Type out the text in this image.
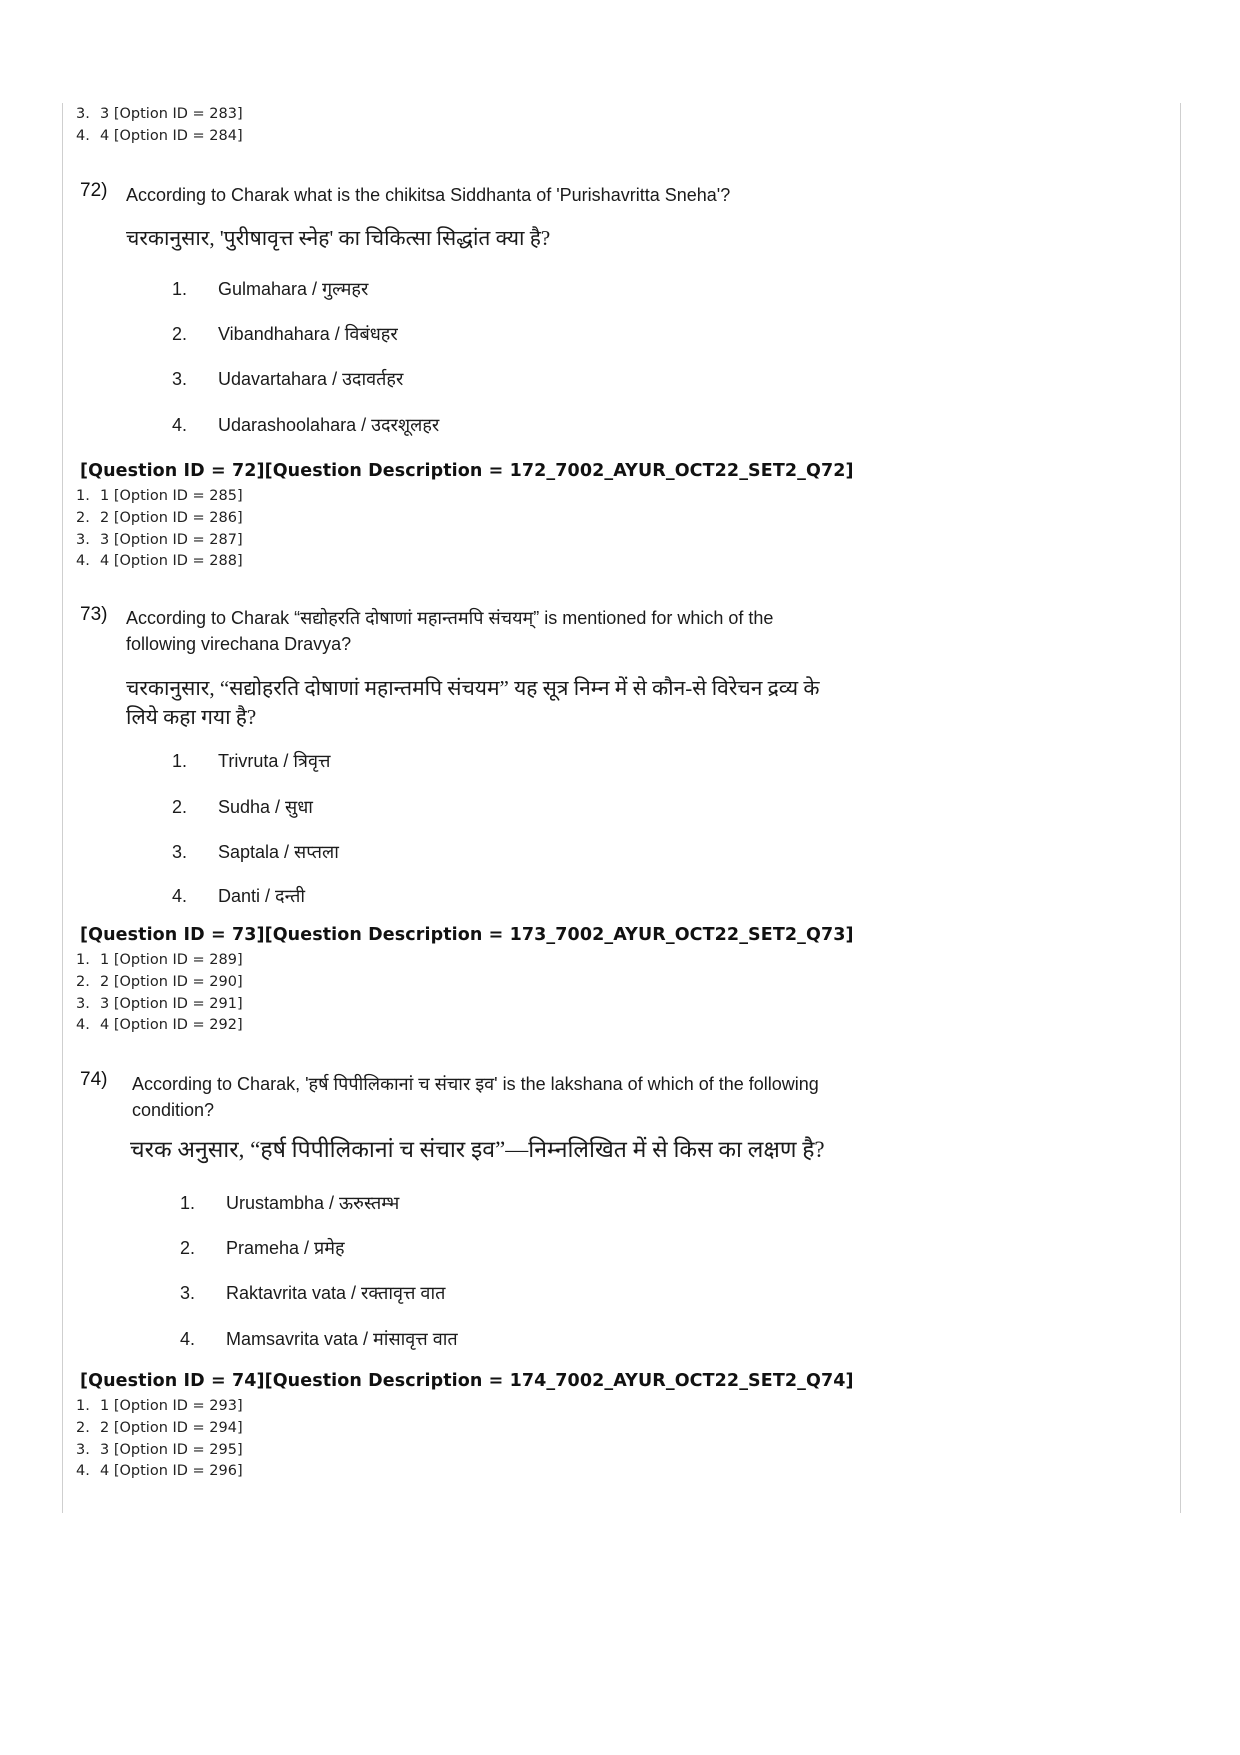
3. 3 [Option ID = 283]
4. 4 [Option ID = 284]
72) According to Charak what is the chikitsa Siddhanta of 'Purishavritta Sneha'?
चरकानुसार, 'पुरीषावृत्त स्नेह' का चिकित्सा सिद्धांत क्या है?
1. Gulmahara / गुल्महर
2. Vibandhahara / विबंधहर
3. Udavartahara / उदावर्तहर
4. Udarashoolahara / उदरशूलहर
[Question ID = 72][Question Description = 172_7002_AYUR_OCT22_SET2_Q72]
1. 1 [Option ID = 285]
2. 2 [Option ID = 286]
3. 3 [Option ID = 287]
4. 4 [Option ID = 288]
73) According to Charak “सद्योहरति दोषाणां महान्तमपि संचयम्” is mentioned for which of the following virechana Dravya?
चरकानुसार, “सद्योहरति दोषाणां महान्तमपि संचयम” यह सूत्र निम्न में से कौन-से विरेचन द्रव्य के लिये कहा गया है?
1. Trivruta / त्रिवृत्त
2. Sudha / सुधा
3. Saptala / सप्तला
4. Danti / दन्ती
[Question ID = 73][Question Description = 173_7002_AYUR_OCT22_SET2_Q73]
1. 1 [Option ID = 289]
2. 2 [Option ID = 290]
3. 3 [Option ID = 291]
4. 4 [Option ID = 292]
74) According to Charak, 'हर्ष पिपीलिकानां च संचार इव' is the lakshana of which of the following condition?
चरक अनुसार, “हर्ष पिपीलिकानां च संचार इव”—निम्नलिखित में से किस का लक्षण है?
1. Urustambha / ऊरुस्तम्भ
2. Prameha / प्रमेह
3. Raktavrita vata / रक्तावृत्त वात
4. Mamsavrita vata / मांसावृत्त वात
[Question ID = 74][Question Description = 174_7002_AYUR_OCT22_SET2_Q74]
1. 1 [Option ID = 293]
2. 2 [Option ID = 294]
3. 3 [Option ID = 295]
4. 4 [Option ID = 296]
